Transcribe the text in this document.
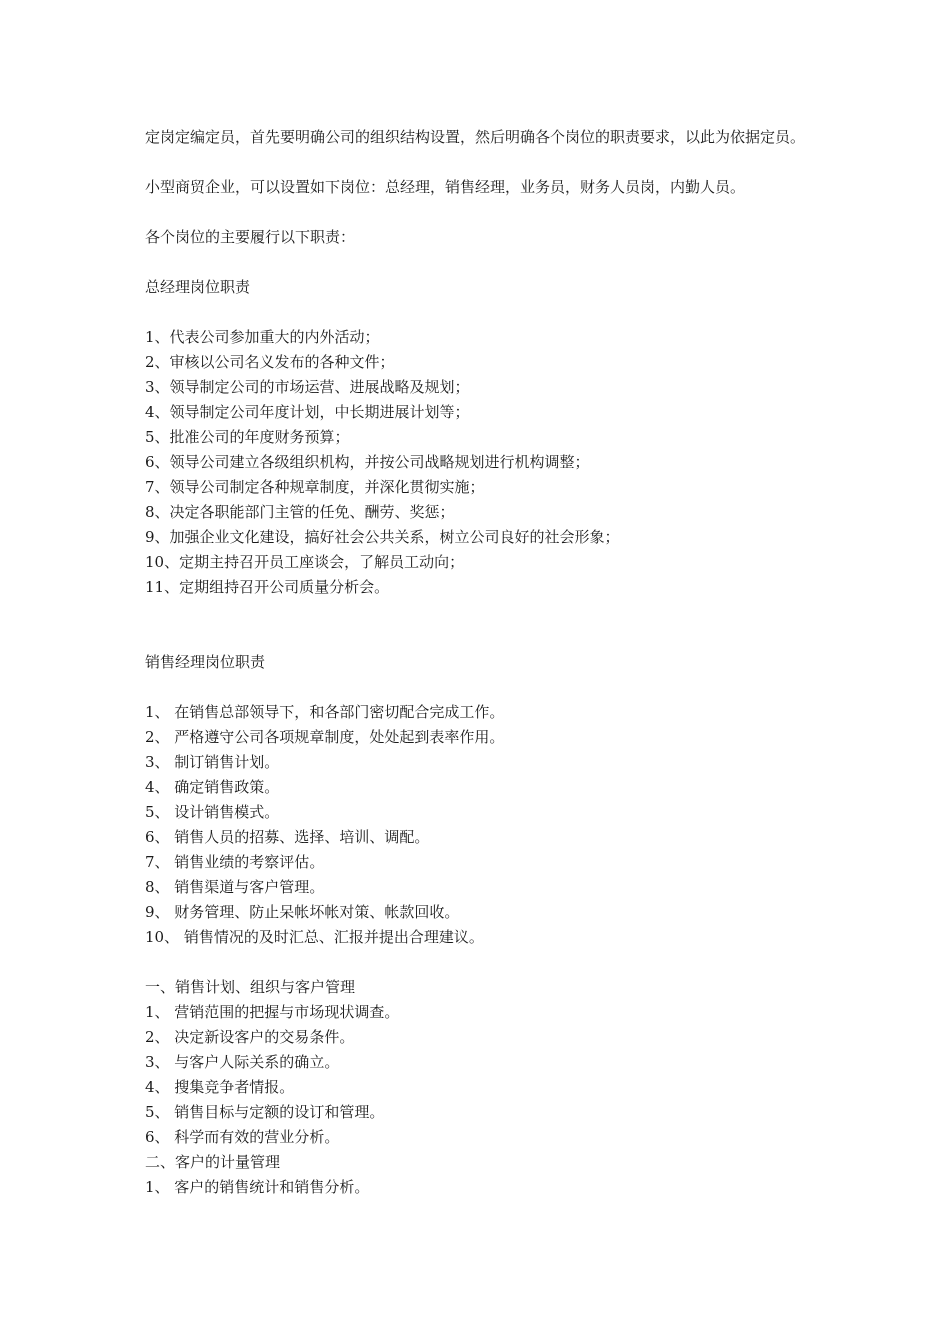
定岗定编定员，首先要明确公司的组织结构设置，然后明确各个岗位的职责要求，以此为依据定员。

小型商贸企业，可以设置如下岗位：总经理，销售经理，业务员，财务人员岗，内勤人员。

各个岗位的主要履行以下职责：

总经理岗位职责

1、代表公司参加重大的内外活动；
2、审核以公司名义发布的各种文件；
3、领导制定公司的市场运营、进展战略及规划；
4、领导制定公司年度计划，中长期进展计划等；
5、批准公司的年度财务预算；
6、领导公司建立各级组织机构，并按公司战略规划进行机构调整；
7、领导公司制定各种规章制度，并深化贯彻实施；
8、决定各职能部门主管的任免、酬劳、奖惩；
9、加强企业文化建设，搞好社会公共关系，树立公司良好的社会形象；
10、定期主持召开员工座谈会，了解员工动向；
11、定期组持召开公司质量分析会。

销售经理岗位职责

1、 在销售总部领导下，和各部门密切配合完成工作。
2、 严格遵守公司各项规章制度，处处起到表率作用。
3、 制订销售计划。
4、 确定销售政策。
5、 设计销售模式。
6、 销售人员的招募、选择、培训、调配。
7、 销售业绩的考察评估。
8、 销售渠道与客户管理。
9、 财务管理、防止呆帐坏帐对策、帐款回收。
10、 销售情况的及时汇总、汇报并提出合理建议。

一、销售计划、组织与客户管理

1、 营销范围的把握与市场现状调查。
2、 决定新设客户的交易条件。
3、 与客户人际关系的确立。
4、 搜集竞争者情报。
5、 销售目标与定额的设订和管理。
6、 科学而有效的营业分析。

二、客户的计量管理

1、 客户的销售统计和销售分析。
